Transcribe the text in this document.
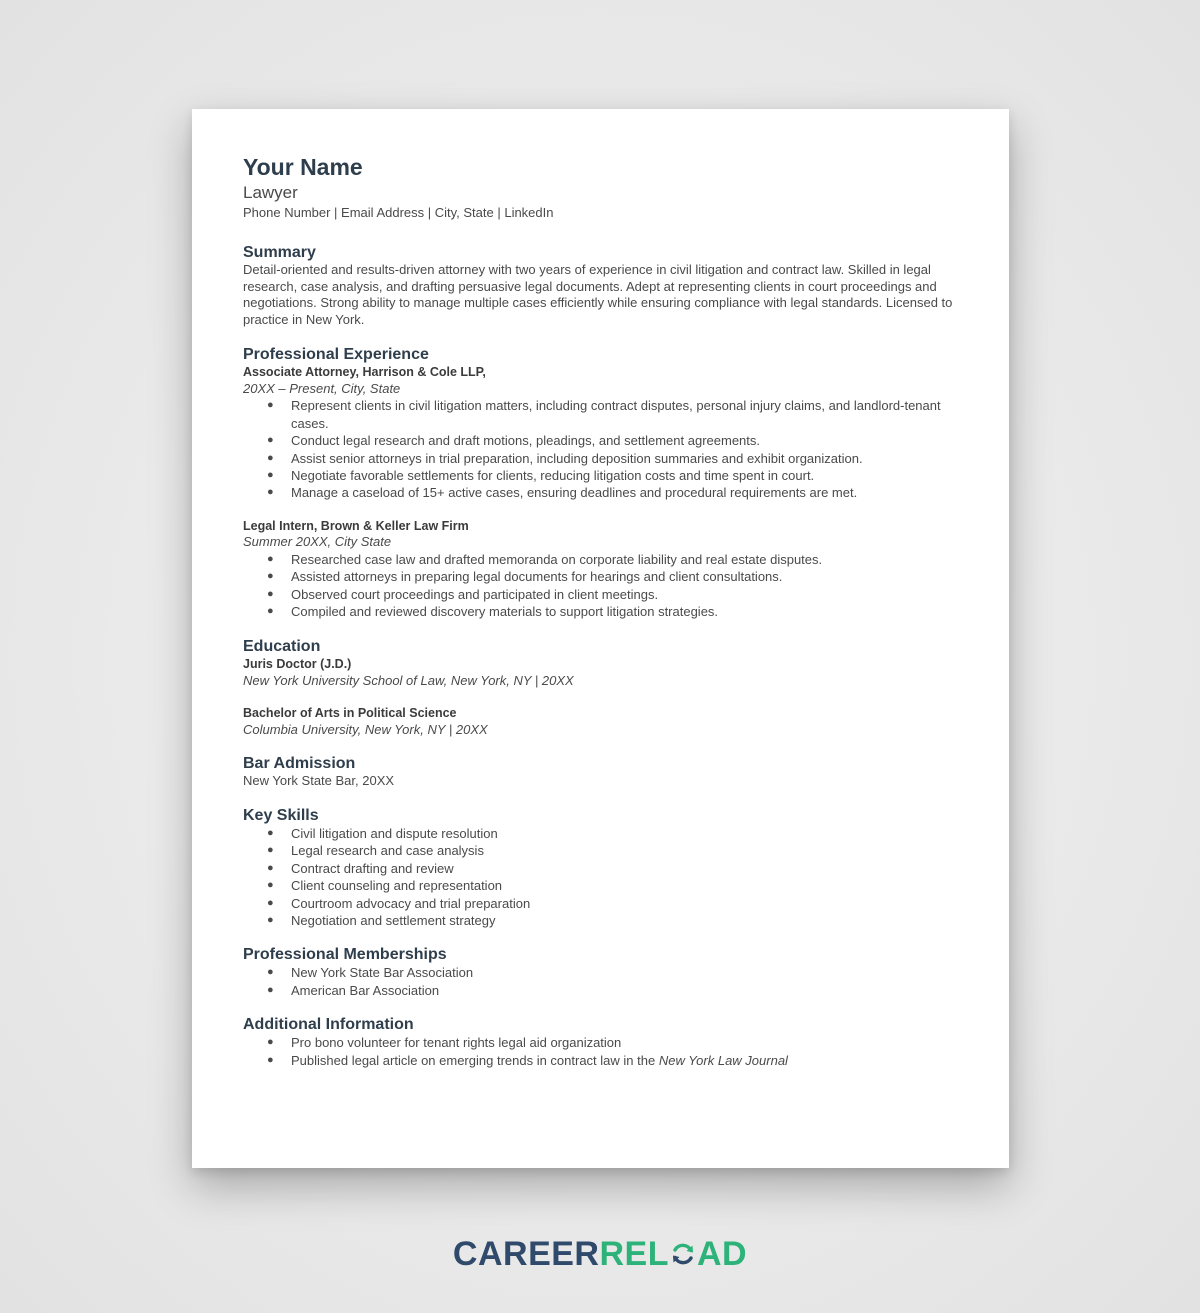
Your Name
Lawyer
Phone Number | Email Address | City, State | LinkedIn
Summary

Detail-oriented and results-driven attorney with two years of experience in civil litigation and contract law. Skilled in legal research, case analysis, and drafting persuasive legal documents. Adept at representing clients in court proceedings and negotiations. Strong ability to manage multiple cases efficiently while ensuring compliance with legal standards. Licensed to practice in New York.

Professional Experience
Associate Attorney, Harrison & Cole LLP,
20XX – Present, City, State
● Represent clients in civil litigation matters, including contract disputes, personal injury claims, and landlord-tenant cases.
● Conduct legal research and draft motions, pleadings, and settlement agreements.
● Assist senior attorneys in trial preparation, including deposition summaries and exhibit organization.
● Negotiate favorable settlements for clients, reducing litigation costs and time spent in court.
● Manage a caseload of 15+ active cases, ensuring deadlines and procedural requirements are met.
Legal Intern, Brown & Keller Law Firm
Summer 20XX, City State
● Researched case law and drafted memoranda on corporate liability and real estate disputes.
● Assisted attorneys in preparing legal documents for hearings and client consultations.
● Observed court proceedings and participated in client meetings.
● Compiled and reviewed discovery materials to support litigation strategies.
Education
Juris Doctor (J.D.)
New York University School of Law, New York, NY | 20XX
Bachelor of Arts in Political Science
Columbia University, New York, NY | 20XX
Bar Admission

New York State Bar, 20XX

Key Skills
● Civil litigation and dispute resolution
● Legal research and case analysis
● Contract drafting and review
● Client counseling and representation
● Courtroom advocacy and trial preparation
● Negotiation and settlement strategy
Professional Memberships
● New York State Bar Association
● American Bar Association
Additional Information
● Pro bono volunteer for tenant rights legal aid organization
● Published legal article on emerging trends in contract law in the New York Law Journal
CAREERREL AD
